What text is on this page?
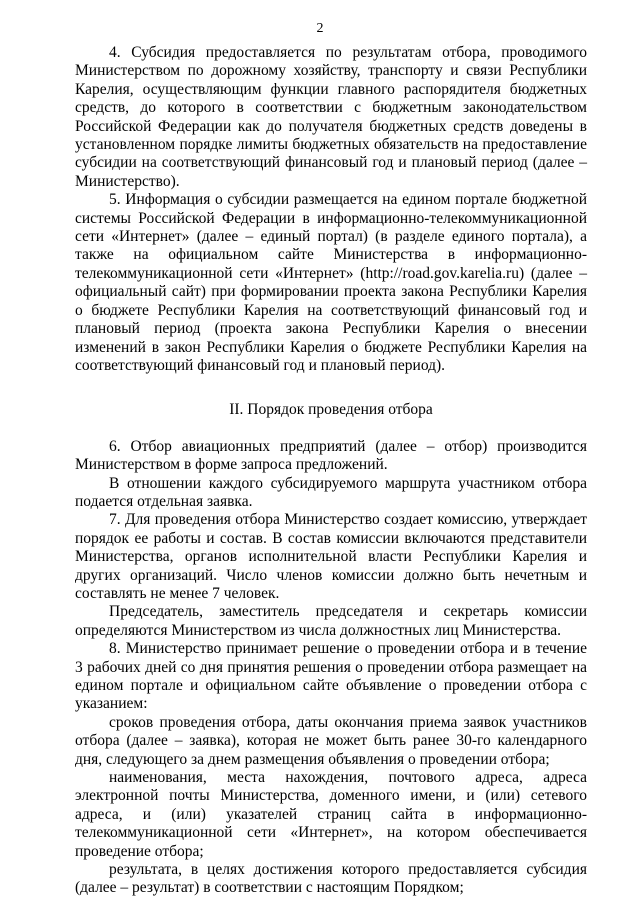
2

4. Субсидия предоставляется по результатам отбора, проводимого Министерством по дорожному хозяйству, транспорту и связи Республики Карелия, осуществляющим функции главного распорядителя бюджетных средств, до которого в соответствии с бюджетным законодательством Российской Федерации как до получателя бюджетных средств доведены в установленном порядке лимиты бюджетных обязательств на предоставление субсидии на соответствующий финансовый год и плановый период (далее – Министерство).

5. Информация о субсидии размещается на едином портале бюджетной системы Российской Федерации в информационно-телекоммуникационной сети «Интернет» (далее – единый портал) (в разделе единого портала), а также на официальном сайте Министерства в информационно-телекоммуникационной сети «Интернет» (http://road.gov.karelia.ru) (далее – официальный сайт) при формировании проекта закона Республики Карелия о бюджете Республики Карелия на соответствующий финансовый год и плановый период (проекта закона Республики Карелия о внесении изменений в закон Республики Карелия о бюджете Республики Карелия на соответствующий финансовый год и плановый период).

II. Порядок проведения отбора

6. Отбор авиационных предприятий (далее – отбор) производится Министерством в форме запроса предложений.

В отношении каждого субсидируемого маршрута участником отбора подается отдельная заявка.

7. Для проведения отбора Министерство создает комиссию, утверждает порядок ее работы и состав. В состав комиссии включаются представители Министерства, органов исполнительной власти Республики Карелия и других организаций. Число членов комиссии должно быть нечетным и составлять не менее 7 человек.

Председатель, заместитель председателя и секретарь комиссии определяются Министерством из числа должностных лиц Министерства.

8. Министерство принимает решение о проведении отбора и в течение 3 рабочих дней со дня принятия решения о проведении отбора размещает на едином портале и официальном сайте объявление о проведении отбора с указанием:

сроков проведения отбора, даты окончания приема заявок участников отбора (далее – заявка), которая не может быть ранее 30-го календарного дня, следующего за днем размещения объявления о проведении отбора;

наименования, места нахождения, почтового адреса, адреса электронной почты Министерства, доменного имени, и (или) сетевого адреса, и (или) указателей страниц сайта в информационно-телекоммуникационной сети «Интернет», на котором обеспечивается проведение отбора;

результата, в целях достижения которого предоставляется субсидия (далее – результат) в соответствии с настоящим Порядком;
